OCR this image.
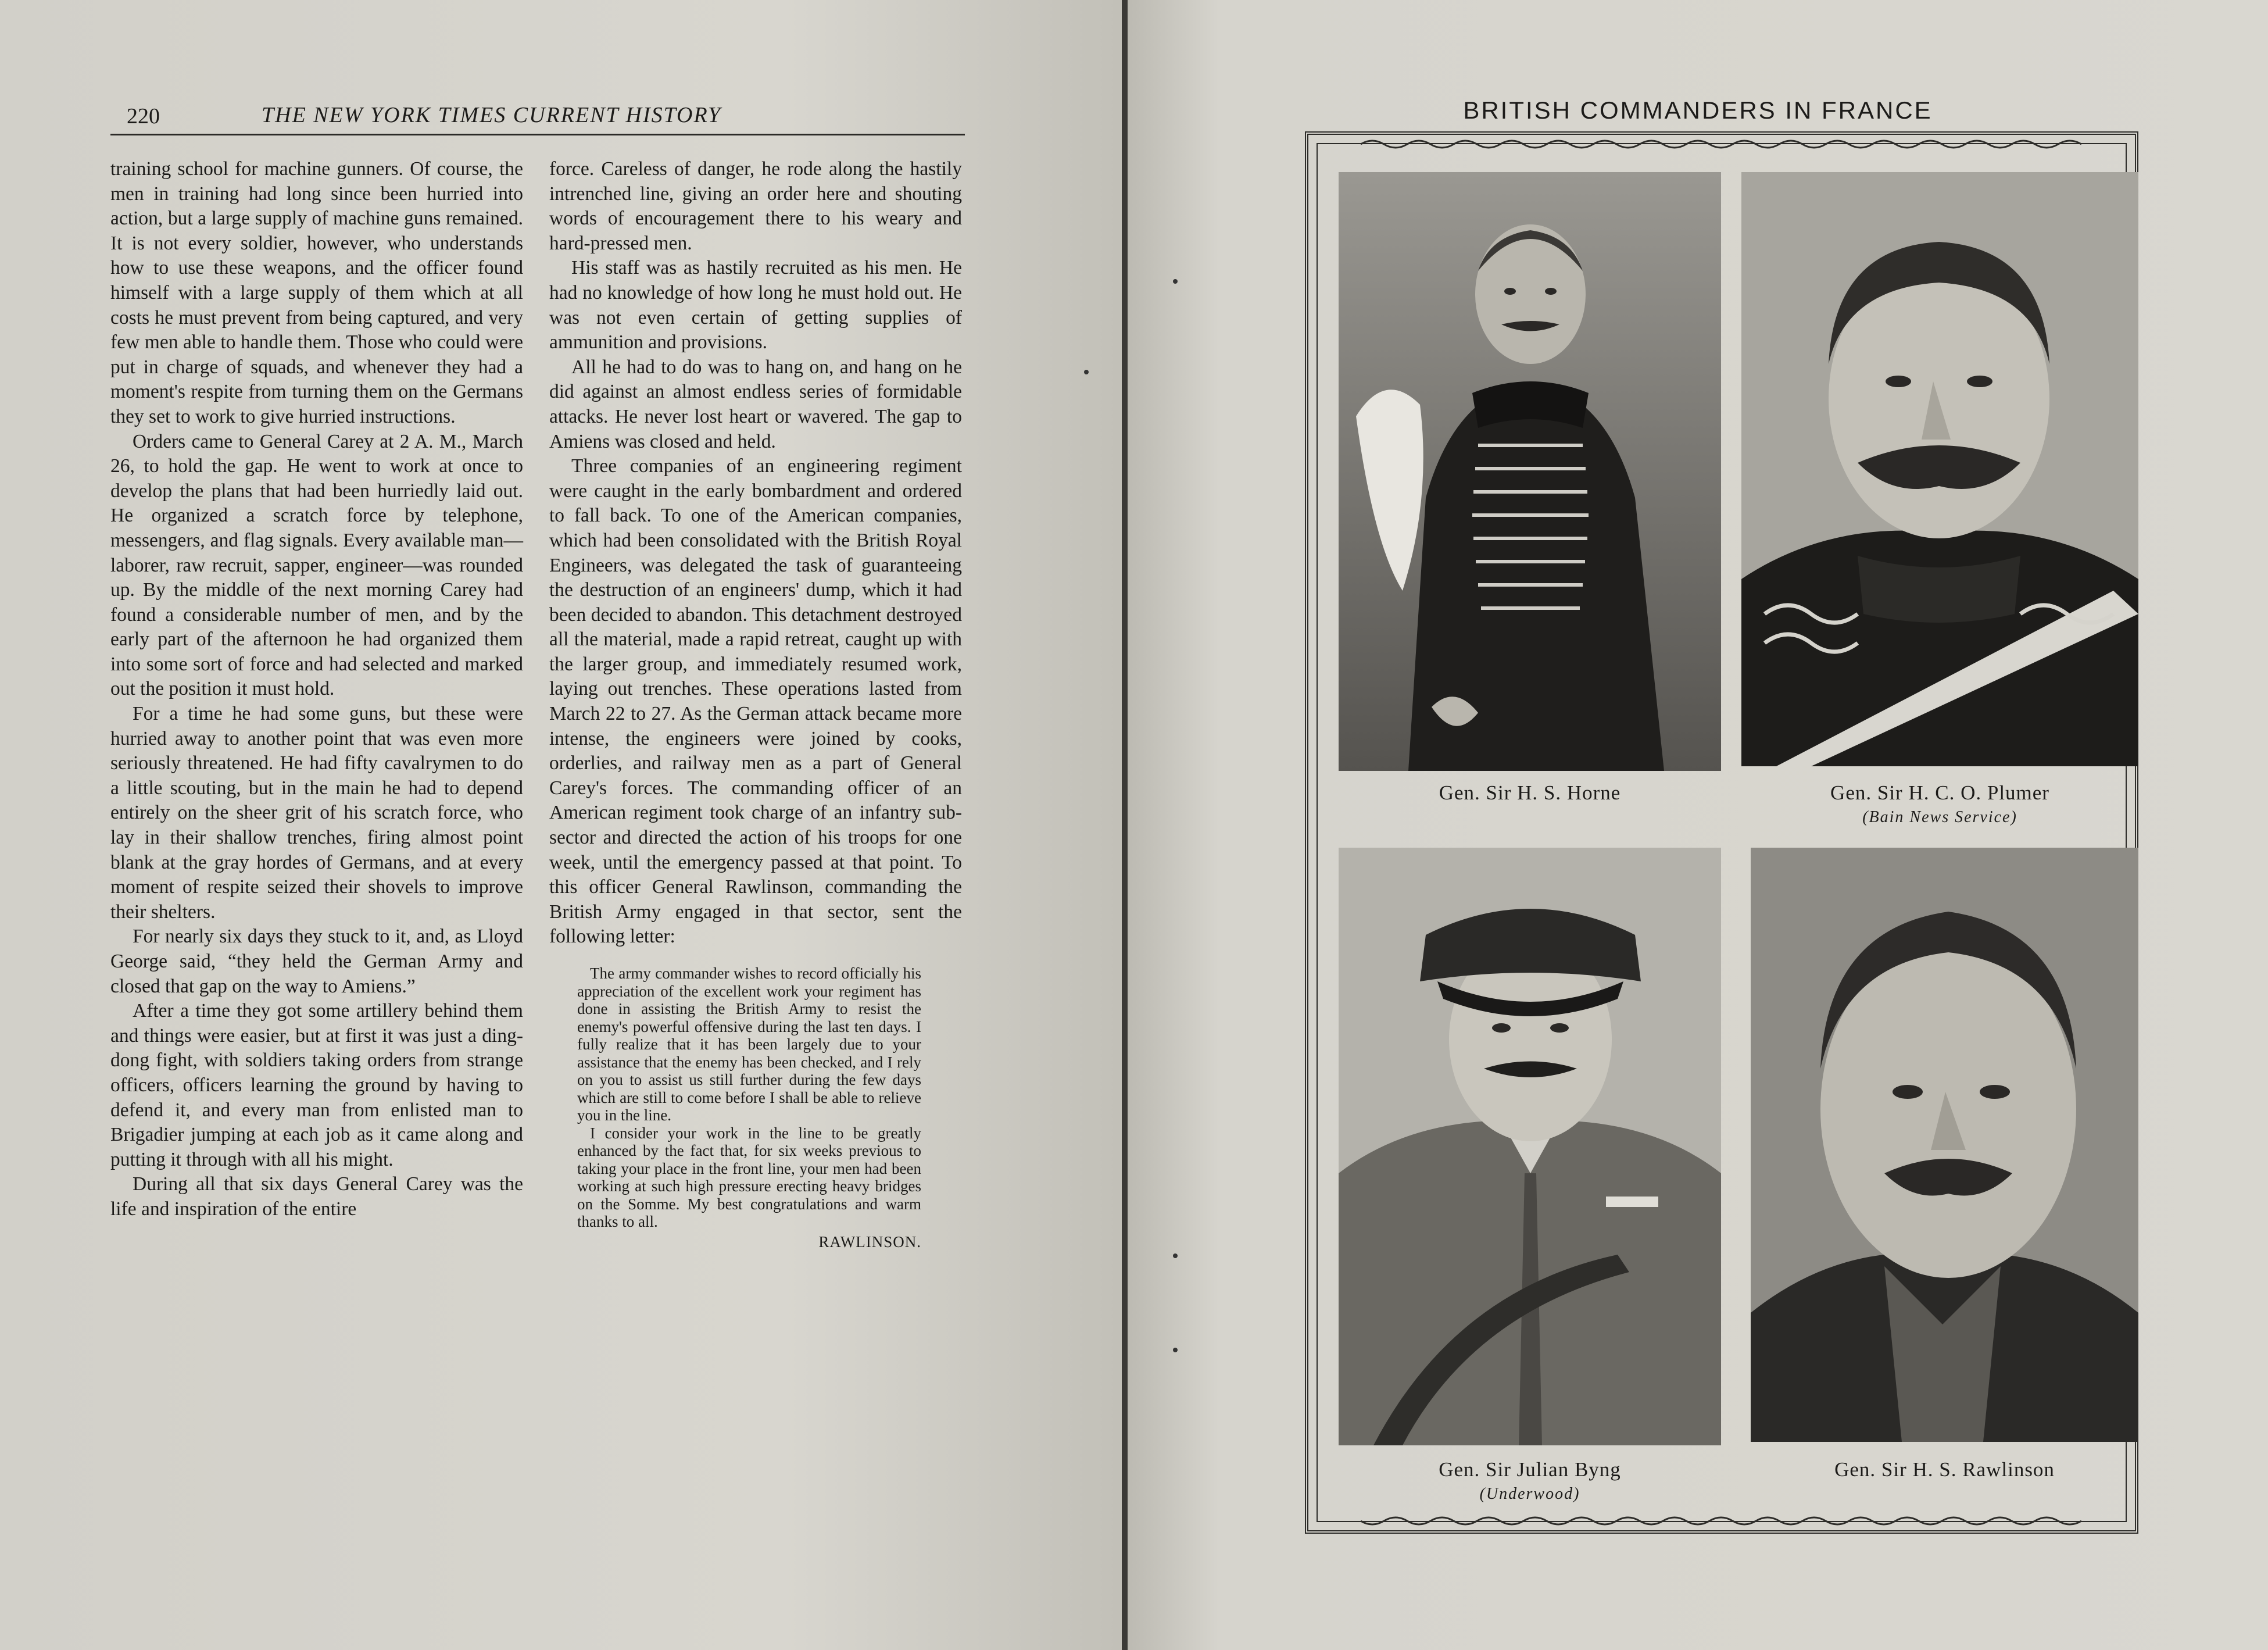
220	THE NEW YORK TIMES CURRENT HISTORY

training school for machine gunners. Of course, the men in training had long since been hurried into action, but a large supply of machine guns remained. It is not every soldier, however, who understands how to use these weapons, and the officer found himself with a large supply of them which at all costs he must prevent from being captured, and very few men able to handle them. Those who could were put in charge of squads, and whenever they had a moment's respite from turning them on the Germans they set to work to give hurried instructions.

Orders came to General Carey at 2 A. M., March 26, to hold the gap. He went to work at once to develop the plans that had been hurriedly laid out. He organized a scratch force by telephone, messengers, and flag signals. Every available man—laborer, raw recruit, sapper, engineer—was rounded up. By the middle of the next morning Carey had found a considerable number of men, and by the early part of the afternoon he had organized them into some sort of force and had selected and marked out the position it must hold.

For a time he had some guns, but these were hurried away to another point that was even more seriously threatened. He had fifty cavalrymen to do a little scouting, but in the main he had to depend entirely on the sheer grit of his scratch force, who lay in their shallow trenches, firing almost point blank at the gray hordes of Germans, and at every moment of respite seized their shovels to improve their shelters.

For nearly six days they stuck to it, and, as Lloyd George said, “they held the German Army and closed that gap on the way to Amiens.”

After a time they got some artillery behind them and things were easier, but at first it was just a ding-dong fight, with soldiers taking orders from strange officers, officers learning the ground by having to defend it, and every man from enlisted man to Brigadier jumping at each job as it came along and putting it through with all his might.

During all that six days General Carey was the life and inspiration of the entire

force. Careless of danger, he rode along the hastily intrenched line, giving an order here and shouting words of encouragement there to his weary and hard-pressed men.

His staff was as hastily recruited as his men. He had no knowledge of how long he must hold out. He was not even certain of getting supplies of ammunition and provisions.

All he had to do was to hang on, and hang on he did against an almost endless series of formidable attacks. He never lost heart or wavered. The gap to Amiens was closed and held.

Three companies of an engineering regiment were caught in the early bombardment and ordered to fall back. To one of the American companies, which had been consolidated with the British Royal Engineers, was delegated the task of guaranteeing the destruction of an engineers' dump, which it had been decided to abandon. This detachment destroyed all the material, made a rapid retreat, caught up with the larger group, and immediately resumed work, laying out trenches. These operations lasted from March 22 to 27. As the German attack became more intense, the engineers were joined by cooks, orderlies, and railway men as a part of General Carey's forces. The commanding officer of an American regiment took charge of an infantry sub-sector and directed the action of his troops for one week, until the emergency passed at that point. To this officer General Rawlinson, commanding the British Army engaged in that sector, sent the following letter:

The army commander wishes to record officially his appreciation of the excellent work your regiment has done in assisting the British Army to resist the enemy's powerful offensive during the last ten days. I fully realize that it has been largely due to your assistance that the enemy has been checked, and I rely on you to assist us still further during the few days which are still to come before I shall be able to relieve you in the line.

I consider your work in the line to be greatly enhanced by the fact that, for six weeks previous to taking your place in the front line, your men had been working at such high pressure erecting heavy bridges on the Somme. My best congratulations and warm thanks to all.

RAWLINSON.
BRITISH COMMANDERS IN FRANCE
Gen. Sir H. S. Horne	Gen. Sir H. C. O. Plumer
(Bain News Service)
Gen. Sir Julian Byng
(Underwood)
Gen. Sir H. S. Rawlinson
